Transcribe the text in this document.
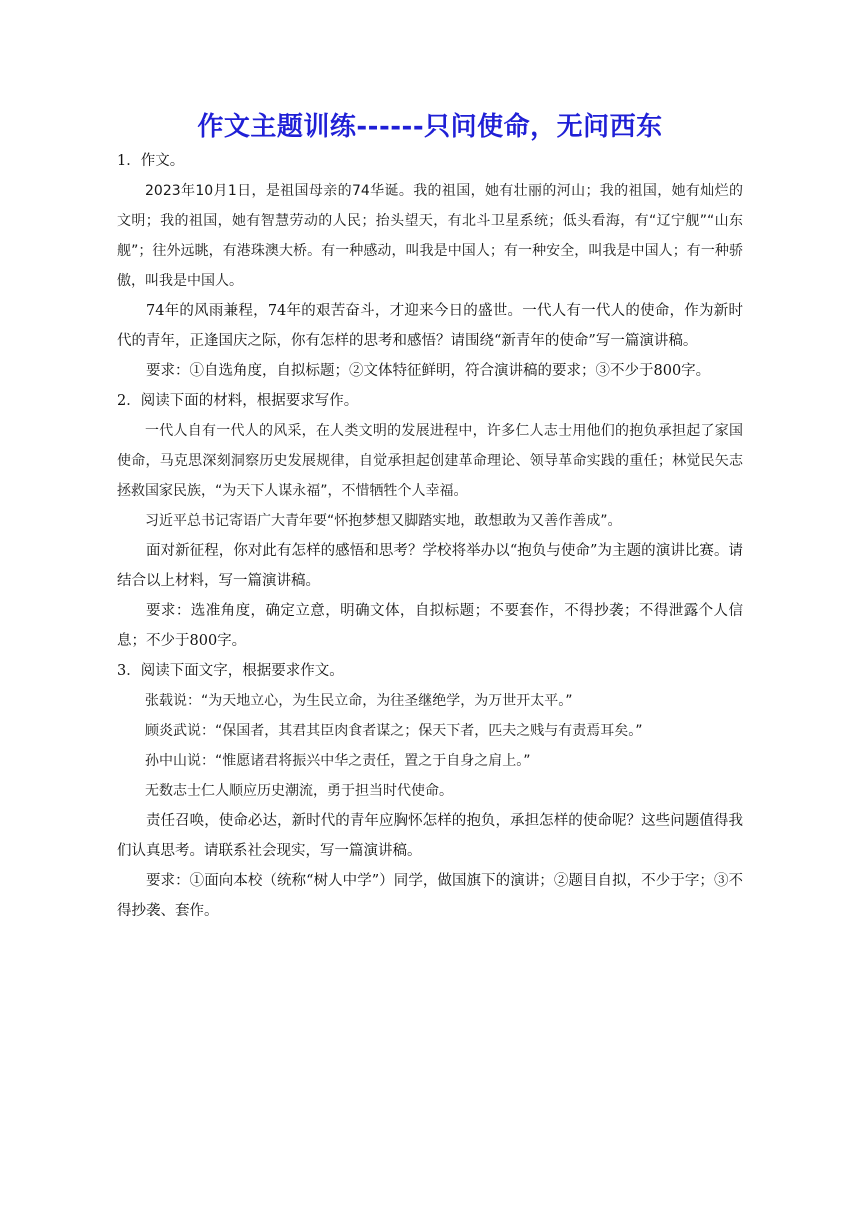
作文主题训练------只问使命，无问西东

1．作文。

2023年10月1日，是祖国母亲的74华诞。我的祖国，她有壮丽的河山；我的祖国，她有灿烂的文明；我的祖国，她有智慧劳动的人民；抬头望天，有北斗卫星系统；低头看海，有“辽宁舰”“山东舰”；往外远眺，有港珠澳大桥。有一种感动，叫我是中国人；有一种安全，叫我是中国人；有一种骄傲，叫我是中国人。

74年的风雨兼程，74年的艰苦奋斗，才迎来今日的盛世。一代人有一代人的使命，作为新时代的青年，正逢国庆之际，你有怎样的思考和感悟？请围绕“新青年的使命”写一篇演讲稿。

要求：①自选角度，自拟标题；②文体特征鲜明，符合演讲稿的要求；③不少于800字。

2．阅读下面的材料，根据要求写作。

一代人自有一代人的风采，在人类文明的发展进程中，许多仁人志士用他们的抱负承担起了家国使命，马克思深刻洞察历史发展规律，自觉承担起创建革命理论、领导革命实践的重任；林觉民矢志拯救国家民族，“为天下人谋永福”，不惜牺牲个人幸福。

习近平总书记寄语广大青年要“怀抱梦想又脚踏实地，敢想敢为又善作善成”。

面对新征程，你对此有怎样的感悟和思考？学校将举办以“抱负与使命”为主题的演讲比赛。请结合以上材料，写一篇演讲稿。

要求：选准角度，确定立意，明确文体，自拟标题；不要套作，不得抄袭；不得泄露个人信息；不少于800字。

3．阅读下面文字，根据要求作文。

张载说：“为天地立心，为生民立命，为往圣继绝学，为万世开太平。”

顾炎武说：“保国者，其君其臣肉食者谋之；保天下者，匹夫之贱与有责焉耳矣。”

孙中山说：“惟愿诸君将振兴中华之责任，置之于自身之肩上。”

无数志士仁人顺应历史潮流，勇于担当时代使命。

责任召唤，使命必达，新时代的青年应胸怀怎样的抱负，承担怎样的使命呢？这些问题值得我们认真思考。请联系社会现实，写一篇演讲稿。

要求：①面向本校（统称“树人中学”）同学，做国旗下的演讲；②题目自拟，不少于字；③不得抄袭、套作。
